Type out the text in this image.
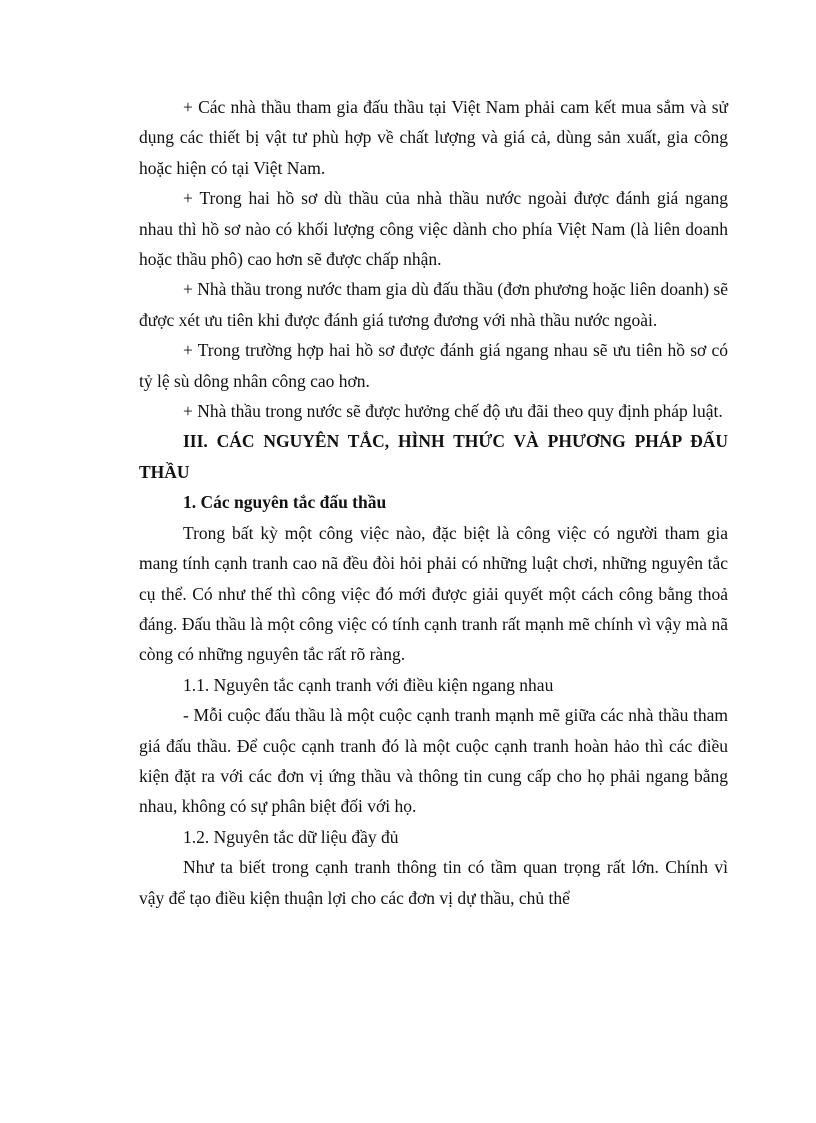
+ Các nhà thầu tham gia đấu thầu tại Việt Nam phải cam kết mua sắm và sử dụng các thiết bị vật tư phù hợp về chất lượng và giá cả, dùng sản xuất, gia công hoặc hiện có tại Việt Nam.

+ Trong hai hồ sơ dù thầu của nhà thầu nước ngoài được đánh giá ngang nhau thì hồ sơ nào có khối lượng công việc dành cho phía Việt Nam (là liên doanh hoặc thầu phô) cao hơn sẽ được chấp nhận.

+ Nhà thầu trong nước tham gia dù đấu thầu (đơn phương hoặc liên doanh) sẽ được xét ưu tiên khi được đánh giá tương đương với nhà thầu nước ngoài.

+ Trong trường hợp hai hồ sơ được đánh giá ngang nhau sẽ ưu tiên hồ sơ có tỷ lệ sù dông nhân công cao hơn.

+ Nhà thầu trong nước sẽ được hưởng chế độ ưu đãi theo quy định pháp luật.

III. CÁC NGUYÊN TẮC, HÌNH THỨC VÀ PHƯƠNG PHÁP ĐẤU THẦU

1. Các nguyên tắc đấu thầu

Trong bất kỳ một công việc nào, đặc biệt là công việc có người tham gia mang tính cạnh tranh cao nã đều đòi hỏi phải có những luật chơi, những nguyên tắc cụ thể. Có như thế thì công việc đó mới được giải quyết một cách công bằng thoả đáng. Đấu thầu là một công việc có tính cạnh tranh rất mạnh mẽ chính vì vậy mà nã còng có những nguyên tắc rất rõ ràng.

1.1. Nguyên tắc cạnh tranh với điều kiện ngang nhau

- Mỗi cuộc đấu thầu là một cuộc cạnh tranh mạnh mẽ giữa các nhà thầu tham giá đấu thầu. Để cuộc cạnh tranh đó là một cuộc cạnh tranh hoàn hảo thì các điều kiện đặt ra với các đơn vị ứng thầu và thông tin cung cấp cho họ phải ngang bằng nhau, không có sự phân biệt đối với họ.

1.2. Nguyên tắc dữ liệu đầy đủ

Như ta biết trong cạnh tranh thông tin có tầm quan trọng rất lớn. Chính vì vậy để tạo điều kiện thuận lợi cho các đơn vị dự thầu, chủ thể
